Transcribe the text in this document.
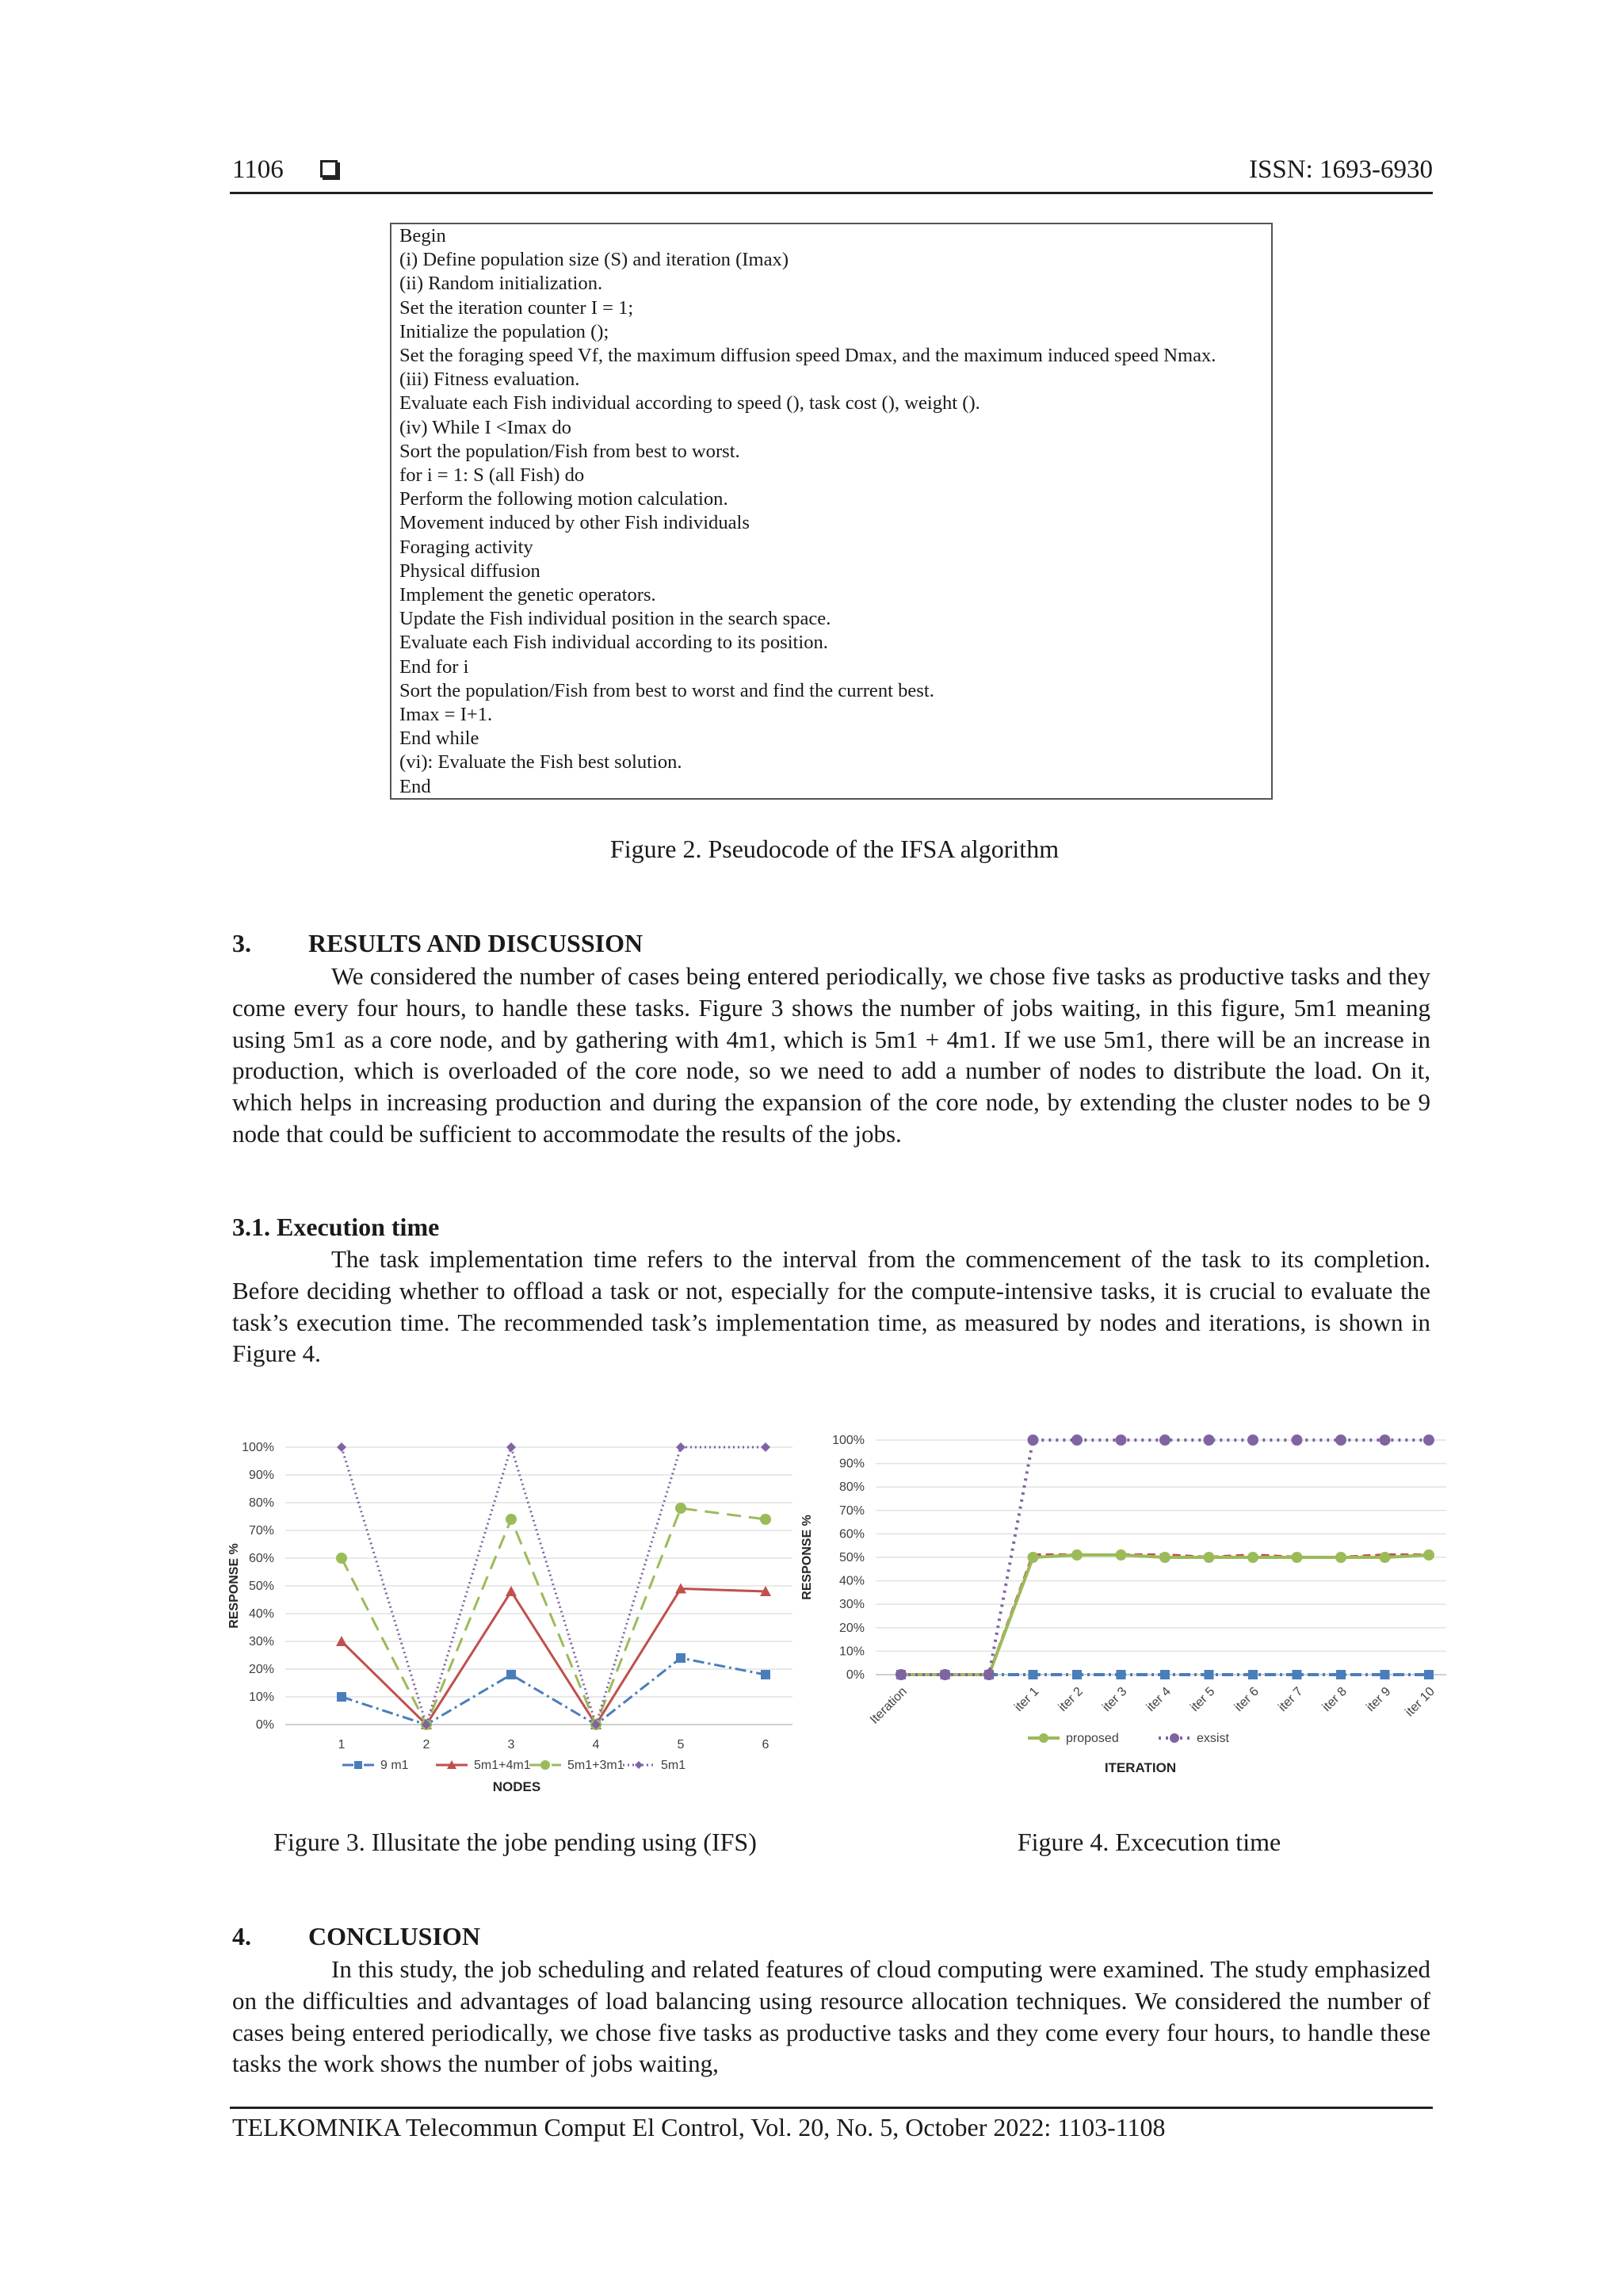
1106	ISSN: 1693-6930
Begin
(i) Define population size (S) and iteration (Imax)
(ii) Random initialization.
Set the iteration counter I = 1;
Initialize the population ();
Set the foraging speed Vf, the maximum diffusion speed Dmax, and the maximum induced speed Nmax.
(iii) Fitness evaluation.
Evaluate each Fish individual according to speed (), task cost (), weight ().
(iv) While I <Imax do
Sort the population/Fish from best to worst.
for i = 1: S (all Fish) do
Perform the following motion calculation.
Movement induced by other Fish individuals
Foraging activity
Physical diffusion
Implement the genetic operators.
Update the Fish individual position in the search space.
Evaluate each Fish individual according to its position.
End for i
Sort the population/Fish from best to worst and find the current best.
Imax = I+1.
End while
(vi): Evaluate the Fish best solution.
End
Figure 2. Pseudocode of the IFSA algorithm
3. RESULTS AND DISCUSSION

We considered the number of cases being entered periodically, we chose five tasks as productive tasks and they come every four hours, to handle these tasks. Figure 3 shows the number of jobs waiting, in this figure, 5m1 meaning using 5m1 as a core node, and by gathering with 4m1, which is 5m1 + 4m1. If we use 5m1, there will be an increase in production, which is overloaded of the core node, so we need to add a number of nodes to distribute the load. On it, which helps in increasing production and during the expansion of the core node, by extending the cluster nodes to be 9 node that could be sufficient to accommodate the results of the jobs.

3.1. Execution time

The task implementation time refers to the interval from the commencement of the task to its completion. Before deciding whether to offload a task or not, especially for the compute-intensive tasks, it is crucial to evaluate the task’s execution time. The recommended task’s implementation time, as measured by nodes and iterations, is shown in Figure 4.

0%
10%
20%
30%
40%
50%
60%
70%
80%
90%
100%
1	2	3	4	5	6
RESPONSE %
NODES
9 m1	5m1+4m1	5m1+3m1	5m1
0%
10%
20%
30%
40%
50%
60%
70%
80%
90%
100%
Iteration	iter 1 iter 2 iter 3 iter 4 iter 5 iter 6 iter 7 iter 8 iter 9 iter 10
RESPONSE %
ITERATION
proposed	exsist
Figure 3. Illusitate the jobe pending using (IFS)	Figure 4. Excecution time
4. CONCLUSION

In this study, the job scheduling and related features of cloud computing were examined. The study emphasized on the difficulties and advantages of load balancing using resource allocation techniques. We considered the number of cases being entered periodically, we chose five tasks as productive tasks and they come every four hours, to handle these tasks the work shows the number of jobs waiting,

TELKOMNIKA Telecommun Comput El Control, Vol. 20, No. 5, October 2022: 1103-1108
